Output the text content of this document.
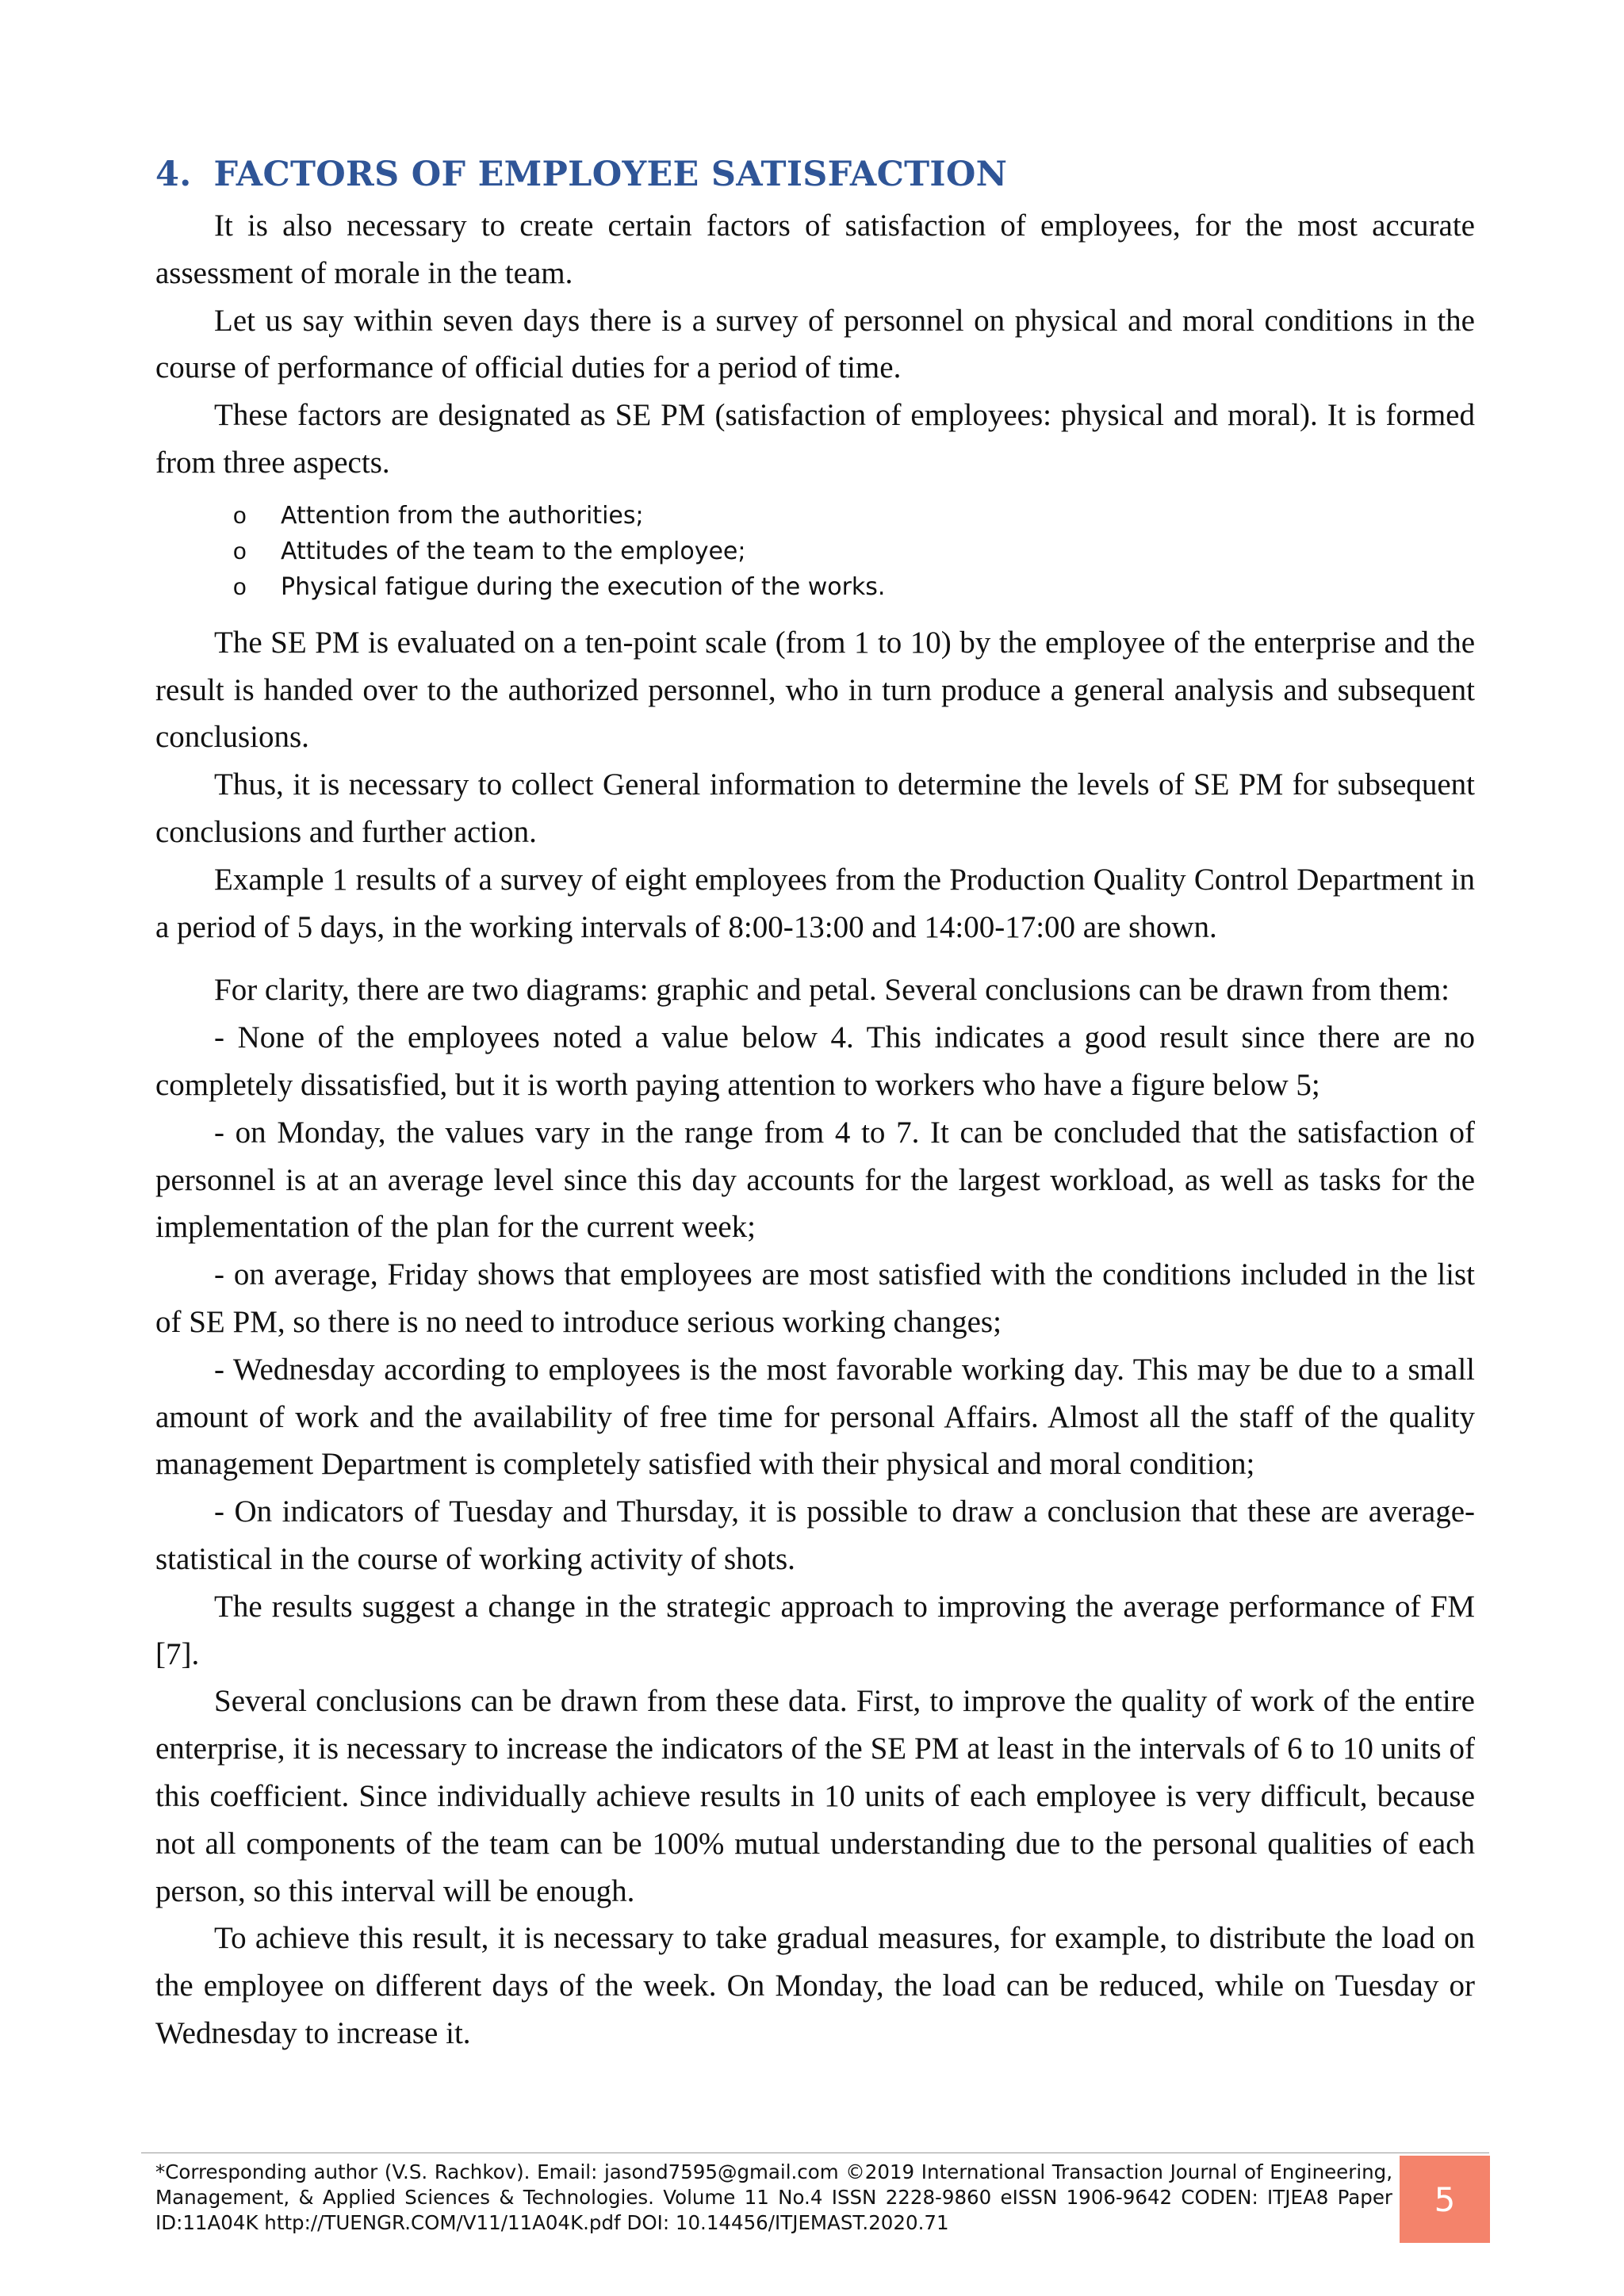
4. FACTORS OF EMPLOYEE SATISFACTION

It is also necessary to create certain factors of satisfaction of employees, for the most accurate assessment of morale in the team.

Let us say within seven days there is a survey of personnel on physical and moral conditions in the course of performance of official duties for a period of time.

These factors are designated as SE PM (satisfaction of employees: physical and moral). It is formed from three aspects.

o Attention from the authorities;
o Attitudes of the team to the employee;
o Physical fatigue during the execution of the works.

The SE PM is evaluated on a ten-point scale (from 1 to 10) by the employee of the enterprise and the result is handed over to the authorized personnel, who in turn produce a general analysis and subsequent conclusions.

Thus, it is necessary to collect General information to determine the levels of SE PM for subsequent conclusions and further action.

Example 1 results of a survey of eight employees from the Production Quality Control Department in a period of 5 days, in the working intervals of 8:00-13:00 and 14:00-17:00 are shown.

For clarity, there are two diagrams: graphic and petal. Several conclusions can be drawn from them:

- None of the employees noted a value below 4. This indicates a good result since there are no completely dissatisfied, but it is worth paying attention to workers who have a figure below 5;

- on Monday, the values vary in the range from 4 to 7. It can be concluded that the satisfaction of personnel is at an average level since this day accounts for the largest workload, as well as tasks for the implementation of the plan for the current week;

- on average, Friday shows that employees are most satisfied with the conditions included in the list of SE PM, so there is no need to introduce serious working changes;

- Wednesday according to employees is the most favorable working day. This may be due to a small amount of work and the availability of free time for personal Affairs. Almost all the staff of the quality management Department is completely satisfied with their physical and moral condition;

- On indicators of Tuesday and Thursday, it is possible to draw a conclusion that these are average-statistical in the course of working activity of shots.

The results suggest a change in the strategic approach to improving the average performance of FM [7].

Several conclusions can be drawn from these data. First, to improve the quality of work of the entire enterprise, it is necessary to increase the indicators of the SE PM at least in the intervals of 6 to 10 units of this coefficient. Since individually achieve results in 10 units of each employee is very difficult, because not all components of the team can be 100% mutual understanding due to the personal qualities of each person, so this interval will be enough.

To achieve this result, it is necessary to take gradual measures, for example, to distribute the load on the employee on different days of the week. On Monday, the load can be reduced, while on Tuesday or Wednesday to increase it.

*Corresponding author (V.S. Rachkov). Email: jasond7595@gmail.com ©2019 International Transaction Journal of Engineering, Management, & Applied Sciences & Technologies. Volume 11 No.4 ISSN 2228-9860 eISSN 1906-9642 CODEN: ITJEA8 Paper ID:11A04K http://TUENGR.COM/V11/11A04K.pdf DOI: 10.14456/ITJEMAST.2020.71
5
